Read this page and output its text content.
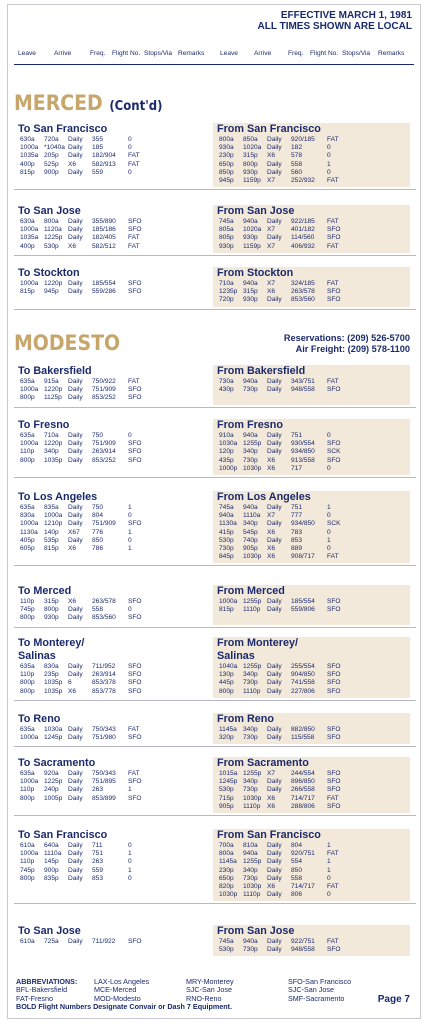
EFFECTIVE MARCH 1, 1981
ALL TIMES SHOWN ARE LOCAL
Leave	Arrive	Freq. Flight No. Stops/Via Remarks Leave Arrive	Freq. Flight No. Stops/Via Remarks
MERCED (Cont'd)
MODESTO	Reservations: (209) 526-5700
Air Freight: (209) 578-1100
To San Francisco
630a 720a Daily 355	0
1000a *1040a Daily 185	0
1035a 205p Daily 182/904 FAT
400p 525p X6 582/913 FAT
815p 900p Daily 559	0
From San Francisco
800a 850a Daily 920/185 FAT
930a 1020a Daily 182	0
230p 315p X6 578	0
650p 800p Daily 558	1
850p 930p Daily 560	0
945p 1159p X7 252/932 FAT
To San Jose
630a 800a Daily 355/890 SFO
1000a 1120a Daily 185/186 SFO
1035a 1225p Daily 182/405 FAT
400p 530p X6 582/512 FAT
From San Jose
745a 940a Daily 922/185 FAT
805a 1020a X7 401/182 SFO
805p 930p Daily 114/560 SFO
930p 1159p X7 406/932 FAT
To Stockton
1000a 1220p Daily 185/554 SFO
815p 945p Daily 559/286 SFO
From Stockton
710a 940a X7 324/185 FAT
1235p 315p X6 263/578 SFO
720p 930p Daily 853/560 SFO
To Bakersfield
635a 915a Daily 750/922 FAT
1000a 1220p Daily 751/909 SFO
800p 1125p Daily 853/252 SFO
From Bakersfield
730a 940a Daily 343/751 FAT
430p 730p Daily 948/558 SFO
To Fresno
635a 710a Daily 750	0
1000a 1220p Daily 751/909 SFO
110p 340p Daily 263/914 SFO
800p 1035p Daily 853/252 SFO
From Fresno
910a 940a Daily 751	0
1030a 1255p Daily 930/554 SFO
120p 340p Daily 934/850 SCK
435p 730p X6 913/558 SFO
1000p 1030p X6 717	0
To Los Angeles
635a 835a Daily 750	1
830a 1000a Daily 804	0
1000a 1210p Daily 751/909 SFO
1130a 140p X67 776	1
405p 535p Daily 850	0
605p 815p X6 786	1
From Los Angeles
745a 940a Daily 751	1
940a 1110a X7 777	0
1130a 340p Daily 934/850 SCK
415p 545p X6 783	0
530p 740p Daily 853	1
730p 905p X6 889	0
845p 1030p X6 908/717 FAT
To Merced
110p 315p X6 263/578 SFO
745p 800p Daily 558	0
800p 930p Daily 853/560 SFO
From Merced
1000a 1255p Daily 185/554 SFO
815p 1110p Daily 559/806 SFO
To Monterey/
Salinas
635a 830a Daily 711/952 SFO
110p 235p Daily 263/914 SFO
800p 1035p 6	853/378 SFO
800p 1035p X6 853/778 SFO
From Monterey/
Salinas
1040a 1255p Daily 255/554 SFO
130p 340p Daily 904/850 SFO
445p 730p Daily 741/558 SFO
800p 1110p Daily 227/806 SFO
To Reno
635a 1030a Daily 750/343 FAT
1000a 1245p Daily 751/980 SFO
From Reno
1145a 340p Daily 882/850 SFO
320p 730p Daily 115/558 SFO
To Sacramento
635a 920a Daily 750/343 FAT
1000a 1225p Daily 751/895 SFO
110p 240p Daily 263	1
800p 1005p Daily 853/899 SFO
From Sacramento
1015a 1255p X7 244/554 SFO
1245p 340p Daily 896/850 SFO
530p 730p Daily 266/558 SFO
715p 1030p X6 714/717 FAT
905p 1110p X6 288/806 SFO
To San Francisco
610a 640a Daily 711	0
1000a 1110a Daily 751	1
110p 145p Daily 263	0
745p 900p Daily 559	1
800p 835p Daily 853	0
From San Francisco
700a 810a Daily 804	1
800a 940a Daily 920/751 FAT
1145a 1255p Daily 554	1
230p 340p Daily 850	1
650p 730p Daily 558	0
820p 1030p X6 714/717 FAT
1030p 1110p Daily 806	0
To San Jose
610a 725a Daily 711/922 SFO
From San Jose
745a 940a Daily 922/751 FAT
530p 730p Daily 948/558 SFO
ABBREVIATIONS: LAX-Los Angeles	MRY-Monterey	SFO-San Francisco
BFL-Bakersfield	MCE-Merced	SJC-San Jose	SJC-San Jose
FAT-Fresno	MOD-Modesto	RNO-Reno	SMF-Sacramento
BOLD Flight Numbers Designate Convair or Dash 7 Equipment.
Page 7
